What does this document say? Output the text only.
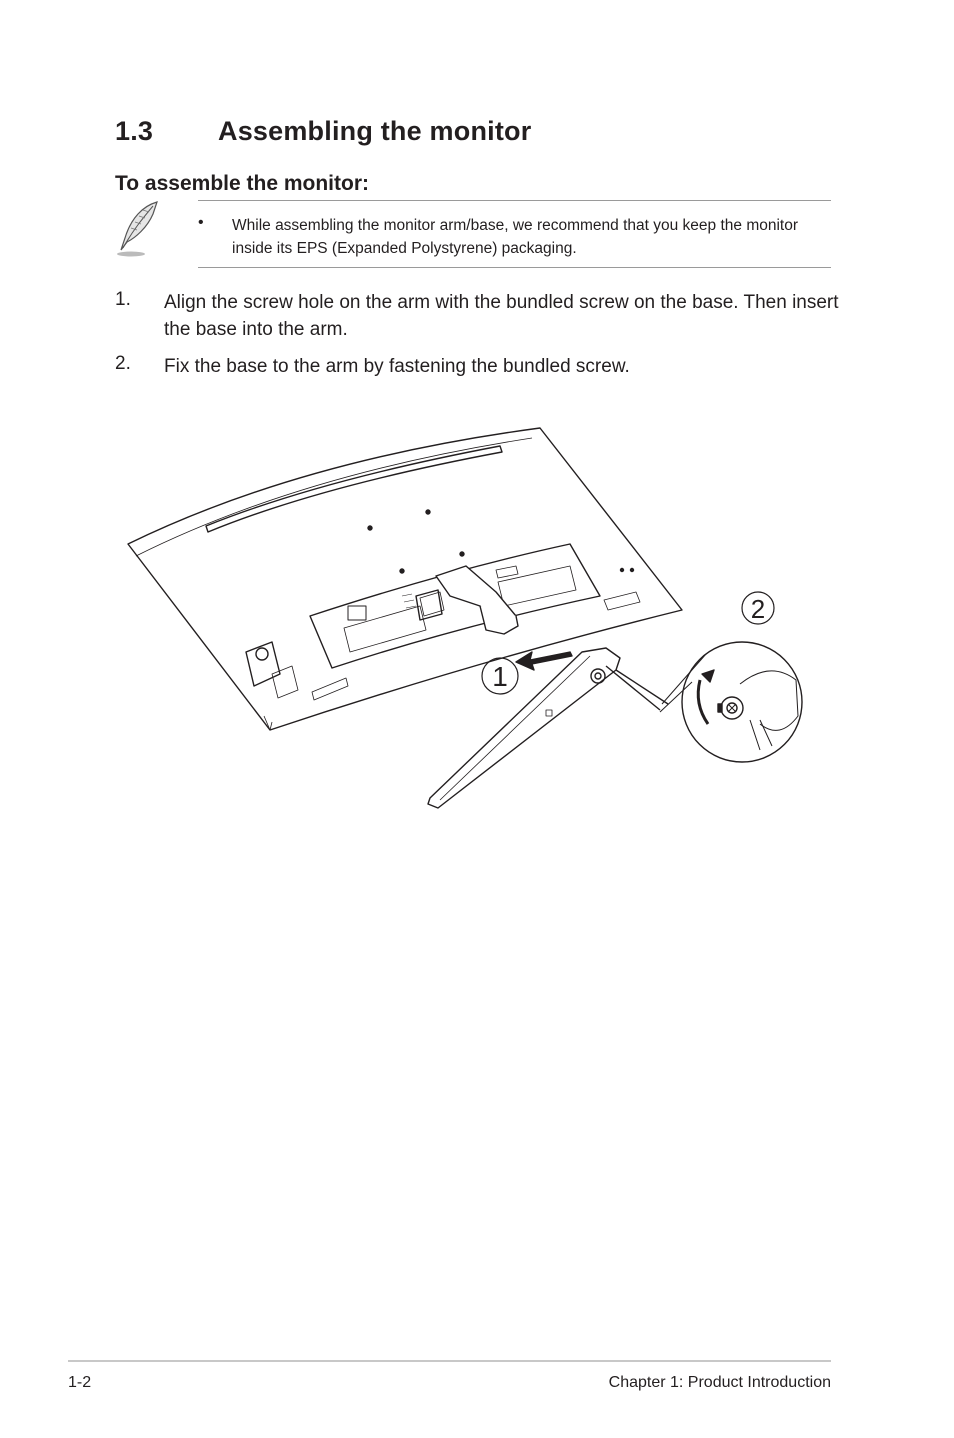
1.3 Assembling the monitor
To assemble the monitor:
• While assembling the monitor arm/base, we recommend that you keep the monitor inside its EPS (Expanded Polystyrene) packaging.
1. Align the screw hole on the arm with the bundled screw on the base. Then insert the base into the arm.
2. Fix the base to the arm by fastening the bundled screw.
1
2
1-2	Chapter 1: Product Introduction
